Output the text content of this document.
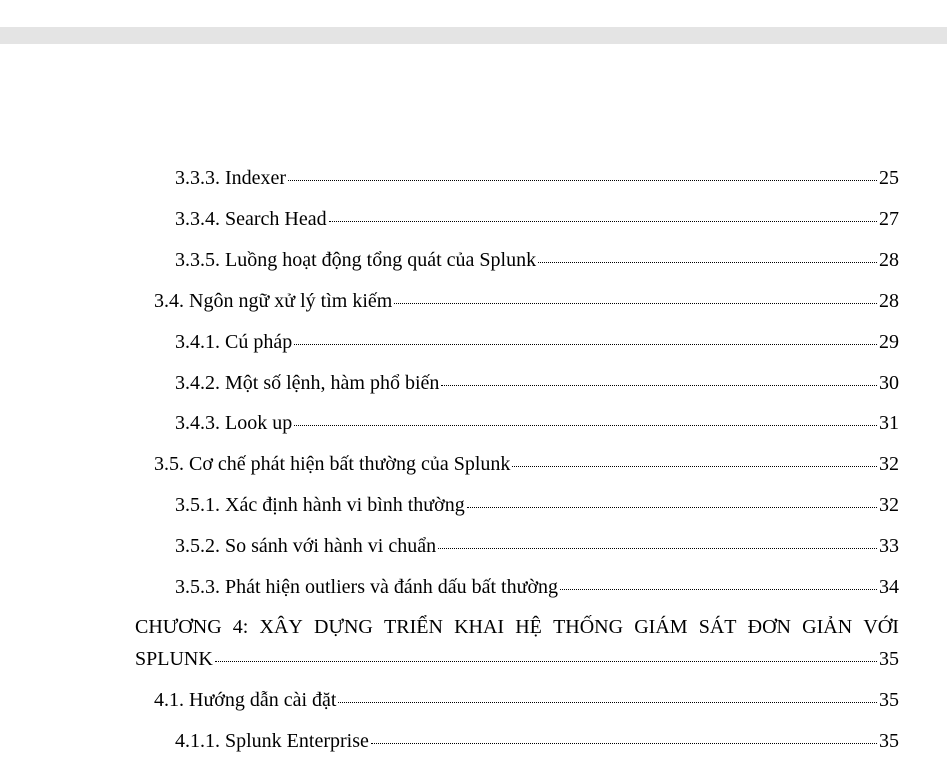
3.3.3. Indexer	25
3.3.4. Search Head	27
3.3.5. Luồng hoạt động tổng quát của Splunk	28
3.4. Ngôn ngữ xử lý tìm kiếm	28
3.4.1. Cú pháp	29
3.4.2. Một số lệnh, hàm phổ biến	30
3.4.3. Look up	31
3.5. Cơ chế phát hiện bất thường của Splunk	32
3.5.1. Xác định hành vi bình thường	32
3.5.2. So sánh với hành vi chuẩn	33
3.5.3. Phát hiện outliers và đánh dấu bất thường	34
CHƯƠNG 4: XÂY DỰNG TRIỂN KHAI HỆ THỐNG GIÁM SÁT ĐƠN GIẢN VỚI
SPLUNK	35
4.1. Hướng dẫn cài đặt	35
4.1.1. Splunk Enterprise	35
